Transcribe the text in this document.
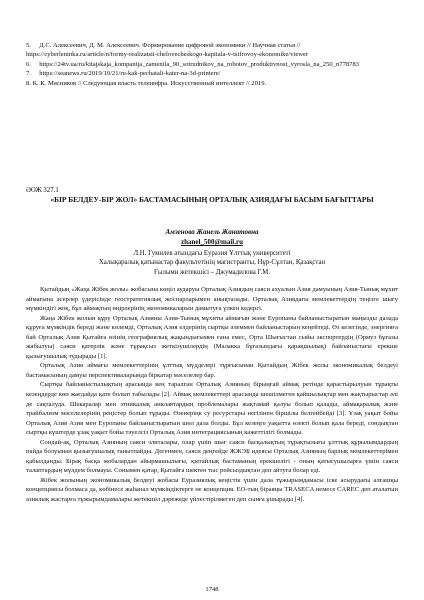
5.     Д.С. Алексеевич, Д. М. Алексеевич. Формирование цифровой экономики // Научная статья // https://cyberleninka.ru/article/n/formy-realizatsii-chelovecheskogo-kapitala-v-tsifrovoy-ekonomike/viewer

6.     https://24tv.ua/ru/kitajskaja_kompanija_zamenila_90_sotrudnikov_na_robotov_produktivnost_vyrosla_na_250_n778783

7.     https://seanews.ru/2019/10/21/ru-kak-pechatali-kater-na-3d-printere/

8. К. К. Мясников // Следующая власть телеинфра. Искусственный интеллект // 2019.

ӘОЖ 327.1
«БІР БЕЛДЕУ-БІР ЖОЛ» БАСТАМАСЫНЫҢ ОРТАЛЫҚ АЗИЯДАҒЫ БАСЫМ БАҒЫТТАРЫ
Амзенова Жанель Жанатовна
zhanel_500@mail.ru

Л.Н. Гумилев атындағы Еуразия Ұлттық университеті

Халықаралық қатынастар факультетінің магистранты, Нұр-Сұлтан, Қазақстан

Ғылыми жетекшісі – Джумадилова Г.М.

Қытайдың «Жаңа Жібек жолы» жобасына көңіл аударуы Орталық Азиядың саяси ахуалын Азия дамуының Азия-Тынық мұхит аймағына әсерлер үдерісінде геостратегиялық жоспарларымен анықталады. Орталық Азиядағы мемлекеттердің теңізге шығу мүмкіндігі жоқ, бұл аймақтың өңірлерінің экономикаларын дамытуға үлкен кедергі.

Жаңа Жібек жолын құру Орталық Азияны Азия-Тынық мұхиты аймағын және Еуропаны байланыстыратын маңызды далада құруға мүмкіндік береді және көлемді, Орталық Азия елдерінің сыртқы әлеммен байланыстарын кеңейтеді. Өз кезегінде, энергияға бай Орталық Азия Қытайға өзінің географиялық жақындығымен ғана емес, Орта Шығыстан сыйы экспортердің (Ормуз бұғазы жабылуы) саяси қатерлік және тұрақсыз жеткізушілердің (Малакка бұғазындағы қарақшылық) байланыстағы ерекше қызығушылық тудырады [1].

Орталық Азия аймағы мемлекеттерінің ұлттық мүдделері тұрғысынан Қытайдың Жібек жолы экономикалық белдеуі бастамасының дамуы перспективаларында біркатар мәселелер бар.

Сыртқы байланыстылықтың арасында кең таралған Орталық Азияның бірыңғай аймақ ретінде қарастырылуын тұрақты кезеңдерде көп жағдайда қате болып табылады [2]. Аймақ мемлекеттері арасында шешілмеген қайшылықтар мен жақтырыстар әлі де сақталуда. Шекаралар мен этникалық анклавтардың проблемалары жақтамай қалуы болып қалады, аймақаралық және трайбализм мәселелерінің реңістер болып тұрады. Өзенеріңк су ресурстары негізінен біршілы белгейбейді [3]. Ұзақ уақыт бойы Орталық Азия Азия мен Еуропаны байланыстыратын шөл дала болды. Бұл кезеңге уақытта өзекті болып қала береді, сондықтан сыртқы күштерде ұзақ уақыт бойы тәуелсіз Орталық Азия интеграциясының кажеттілігі болмады.

Сондай-ақ, Орталық Азияның саяси элиталары, олар үшін шығ саяси басқалықтың тұрақтылығы ұлттық құрылымдардың пайда болуынан қызығушылық танытпайды. Дегенмен, саяси деңгейде ЖЖЭБ идеясы Орталық Азияның барлық мемлекеттерімен қабылданды. Бірақ басқа жобалардан айырмашылығы, қытайлық бастаманың ерекшелігі - оның қатысушыларға үшін саяси талаптардың мүлдем болмауы. Сонымен қатар, Қытайға шектен тыс рейсыздықтан деп айтуға болар еді.

Жібек жолының экономикалық белдеуі жобасы Еуразиялық кеңістік үшін дала тұжырымдамасы іске асырудағы алғашқы концепциясы болмаса да, көбінесе жаһанал мүмкіндіктерге не концепция. ЕО-тың біраяңы TRASECA немесе CAREC деп аталатын азиялық жастарға тұжырымдамалары жетекшіл дәрежеде үйлестірілмеген деп сынға ұшырады [4].

1748
